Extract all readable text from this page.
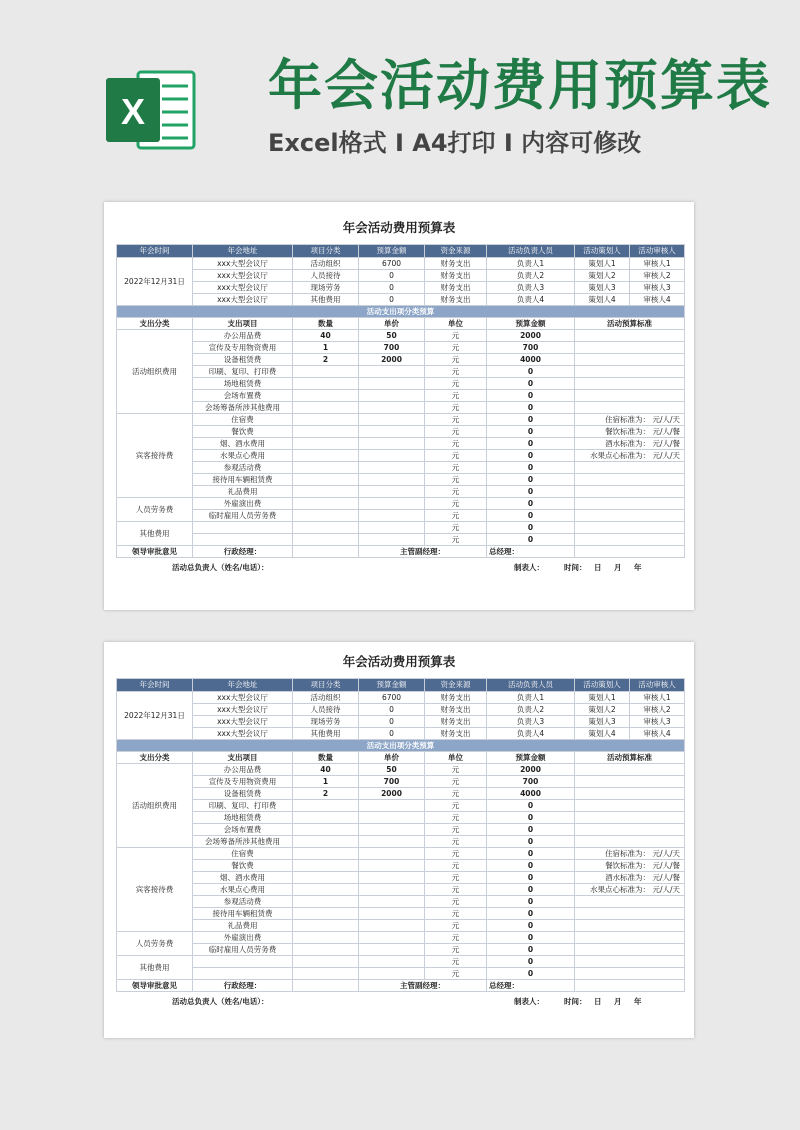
X 年会活动费用预算表
Excel格式 Ⅰ A4打印 Ⅰ 内容可修改
年会活动费用预算表
年会时间	年会地址	项目分类	预算金额	资金来源	活动负责人员	活动策划人	活动审核人
2022年12月31日	xxx大型会议厅	活动组织	6700	财务支出	负责人1	策划人1	审核人1
	xxx大型会议厅	人员接待	0	财务支出	负责人2	策划人2	审核人2
	xxx大型会议厅	现场劳务	0	财务支出	负责人3	策划人3	审核人3
	xxx大型会议厅	其他费用	0	财务支出	负责人4	策划人4	审核人4
活动支出项分类预算							
支出分类	支出项目	数量	单价	单位	预算金额	活动预算标准	
活动组织费用	办公用品费	40	50	元	2000		
	宣传及专用物资费用	1	700	元	700		
	设备租赁费	2	2000	元	4000		
	印刷、复印、打印费			元	0		
	场地租赁费			元	0		
	会场布置费			元	0		
	会场筹备所涉其他费用			元	0		
宾客接待费	住宿费			元	0	住宿标准为： 元/人/天	
	餐饮费			元	0	餐饮标准为： 元/人/餐	
	烟、酒水费用			元	0	酒水标准为： 元/人/餐	
	水果点心费用			元	0	水果点心标准为： 元/人/天	
	参观活动费			元	0		
	接待用车辆租赁费			元	0		
	礼品费用			元	0		
人员劳务费	外雇演出费			元	0		
	临时雇用人员劳务费			元	0		
其他费用				元	0		
				元	0		
领导审批意见	行政经理：		主管副经理：		总经理：		
活动总负责人（姓名/电话）：	制表人：	时间： 日 月 年
年会活动费用预算表
年会时间	年会地址	项目分类	预算金额	资金来源	活动负责人员	活动策划人	活动审核人
2022年12月31日	xxx大型会议厅	活动组织	6700	财务支出	负责人1	策划人1	审核人1
	xxx大型会议厅	人员接待	0	财务支出	负责人2	策划人2	审核人2
	xxx大型会议厅	现场劳务	0	财务支出	负责人3	策划人3	审核人3
	xxx大型会议厅	其他费用	0	财务支出	负责人4	策划人4	审核人4
活动支出项分类预算							
支出分类	支出项目	数量	单价	单位	预算金额	活动预算标准	
活动组织费用	办公用品费	40	50	元	2000		
	宣传及专用物资费用	1	700	元	700		
	设备租赁费	2	2000	元	4000		
	印刷、复印、打印费			元	0		
	场地租赁费			元	0		
	会场布置费			元	0		
	会场筹备所涉其他费用			元	0		
宾客接待费	住宿费			元	0	住宿标准为： 元/人/天	
	餐饮费			元	0	餐饮标准为： 元/人/餐	
	烟、酒水费用			元	0	酒水标准为： 元/人/餐	
	水果点心费用			元	0	水果点心标准为： 元/人/天	
	参观活动费			元	0		
	接待用车辆租赁费			元	0		
	礼品费用			元	0		
人员劳务费	外雇演出费			元	0		
	临时雇用人员劳务费			元	0		
其他费用				元	0		
				元	0		
领导审批意见	行政经理：		主管副经理：		总经理：		
活动总负责人（姓名/电话）：	制表人：	时间： 日 月 年
